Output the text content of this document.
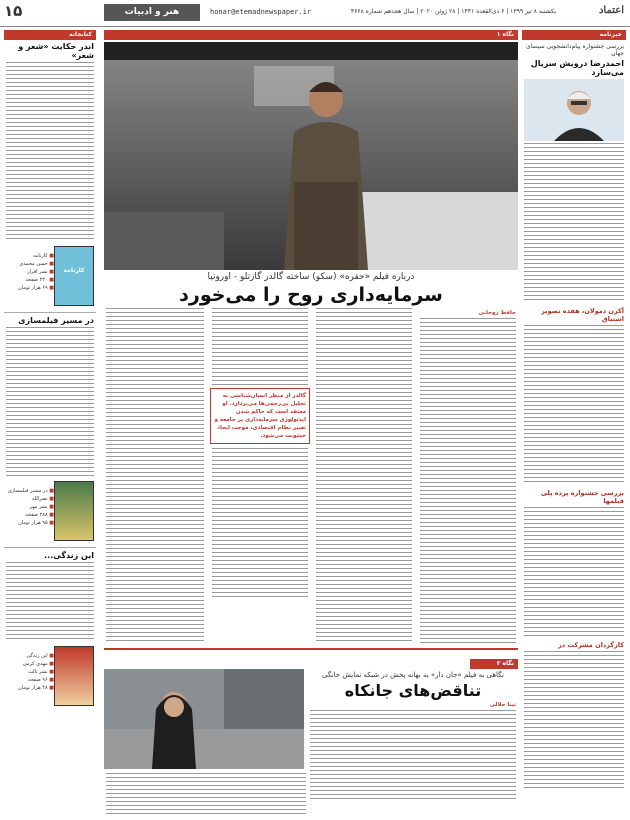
۱۵	هنر و ادبیات	honar@etemadnewspaper.ir	یکشنبه ۸ تیر ۱۳۹۹ | ۶ ذی‌القعده ۱۴۴۱ | ۲۸ ژوئن ۲۰۲۰ | سال هجدهم شماره ۴۶۶۸	اعتماد
خبرنامه
بررسی جشنواره پیام‌دانشجویی سینمای جهان
احمدرضا درویش سریال می‌سازد
آکرن دمولان، هفده تصویر اشتیاق
بررسی جشنواره پرده پلی فیلمها
کارگردان مشرکت در
کتابخانه
اندر حکایت «شعر و شعر»
کارنامه
■ کارنامه
■ حسن محمدی
■ نشر افراز
■ ۲۳۰ صفحه
■ ۶۹ هزار تومان
در مسیر فیلمسازی
■ در مسیر فیلمسازی
■ نصرالله
■ نشر مهر
■ ۲۸۸ صفحه
■ ۹۵ هزار تومان
این زندگی...
■ این زندگی
■ مهدی کرمی
■ نشر ثالث
■ ۹۶ صفحه
■ ۴۸ هزار تومان
نگاه ۱
درباره فیلم «حفره» (سکو) ساخته گالدر گازتلو - اوروتیا
سرمایه‌داری روح را می‌خورد
حافظ روحانی
گالدر از منظر انسان‌شناسی به تحلیل بی‌رحمی‌ها می‌پردازد. او معتقد است که حاکم شدن ایدئولوژی سرمایه‌داری بر جامعه و تغییر نظام اقتصادی، موجب ایجاد خشونت می‌شود.
نگاه ۲
نگاهی به فیلم «جان دار» به بهانه پخش در شبکه نمایش خانگی
تناقض‌های جانکاه
تینا جلالی
